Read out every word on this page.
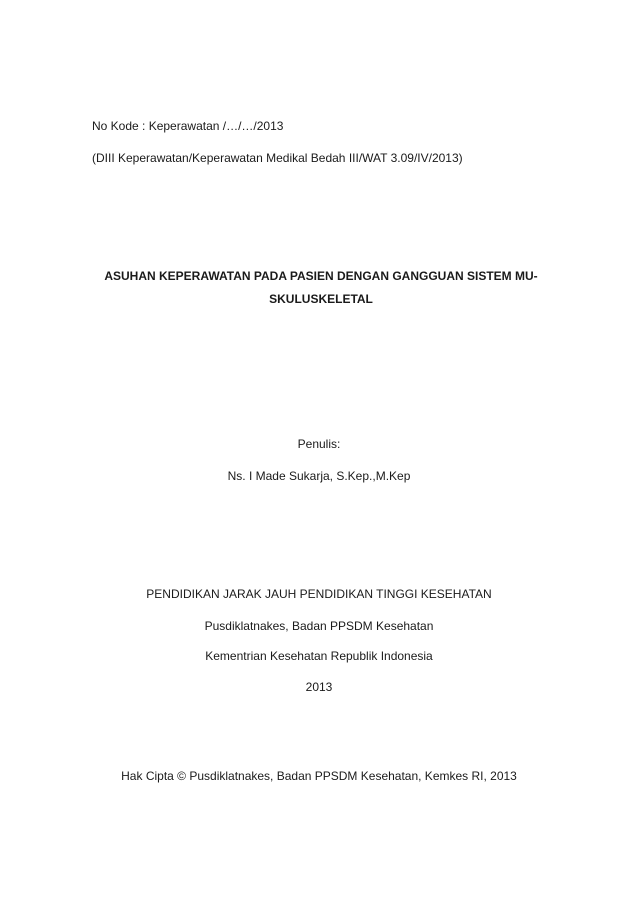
No Kode : Keperawatan /…/…/2013
(DIII Keperawatan/Keperawatan Medikal Bedah III/WAT 3.09/IV/2013)
ASUHAN KEPERAWATAN PADA PASIEN DENGAN GANGGUAN SISTEM MU-
SKULUSKELETAL
Penulis:
Ns. I Made Sukarja, S.Kep.,M.Kep
PENDIDIKAN JARAK JAUH PENDIDIKAN TINGGI KESEHATAN
Pusdiklatnakes, Badan PPSDM Kesehatan
Kementrian Kesehatan Republik Indonesia
2013
Hak Cipta © Pusdiklatnakes, Badan PPSDM Kesehatan, Kemkes RI, 2013
